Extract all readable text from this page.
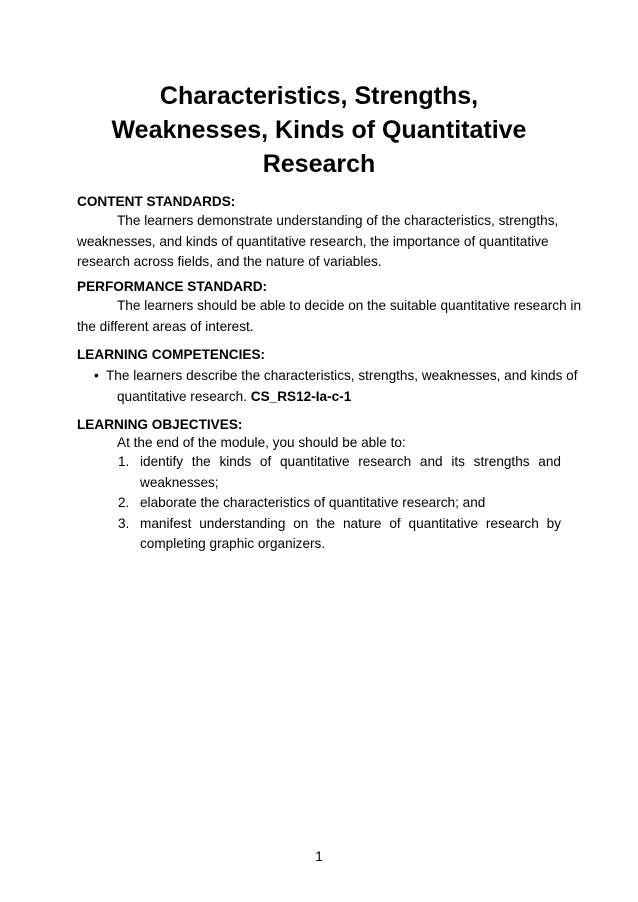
Characteristics, Strengths,
Weaknesses, Kinds of Quantitative
Research
CONTENT STANDARDS:
The learners demonstrate understanding of the characteristics, strengths,
weaknesses, and kinds of quantitative research, the importance of quantitative
research across fields, and the nature of variables.
PERFORMANCE STANDARD:
The learners should be able to decide on the suitable quantitative research in
the different areas of interest.
LEARNING COMPETENCIES:
• The learners describe the characteristics, strengths, weaknesses, and kinds of
quantitative research. CS_RS12-Ia-c-1
LEARNING OBJECTIVES:
At the end of the module, you should be able to:
1. identify the kinds of quantitative research and its strengths and
weaknesses;
2. elaborate the characteristics of quantitative research; and
3. manifest understanding on the nature of quantitative research by
completing graphic organizers.
1
